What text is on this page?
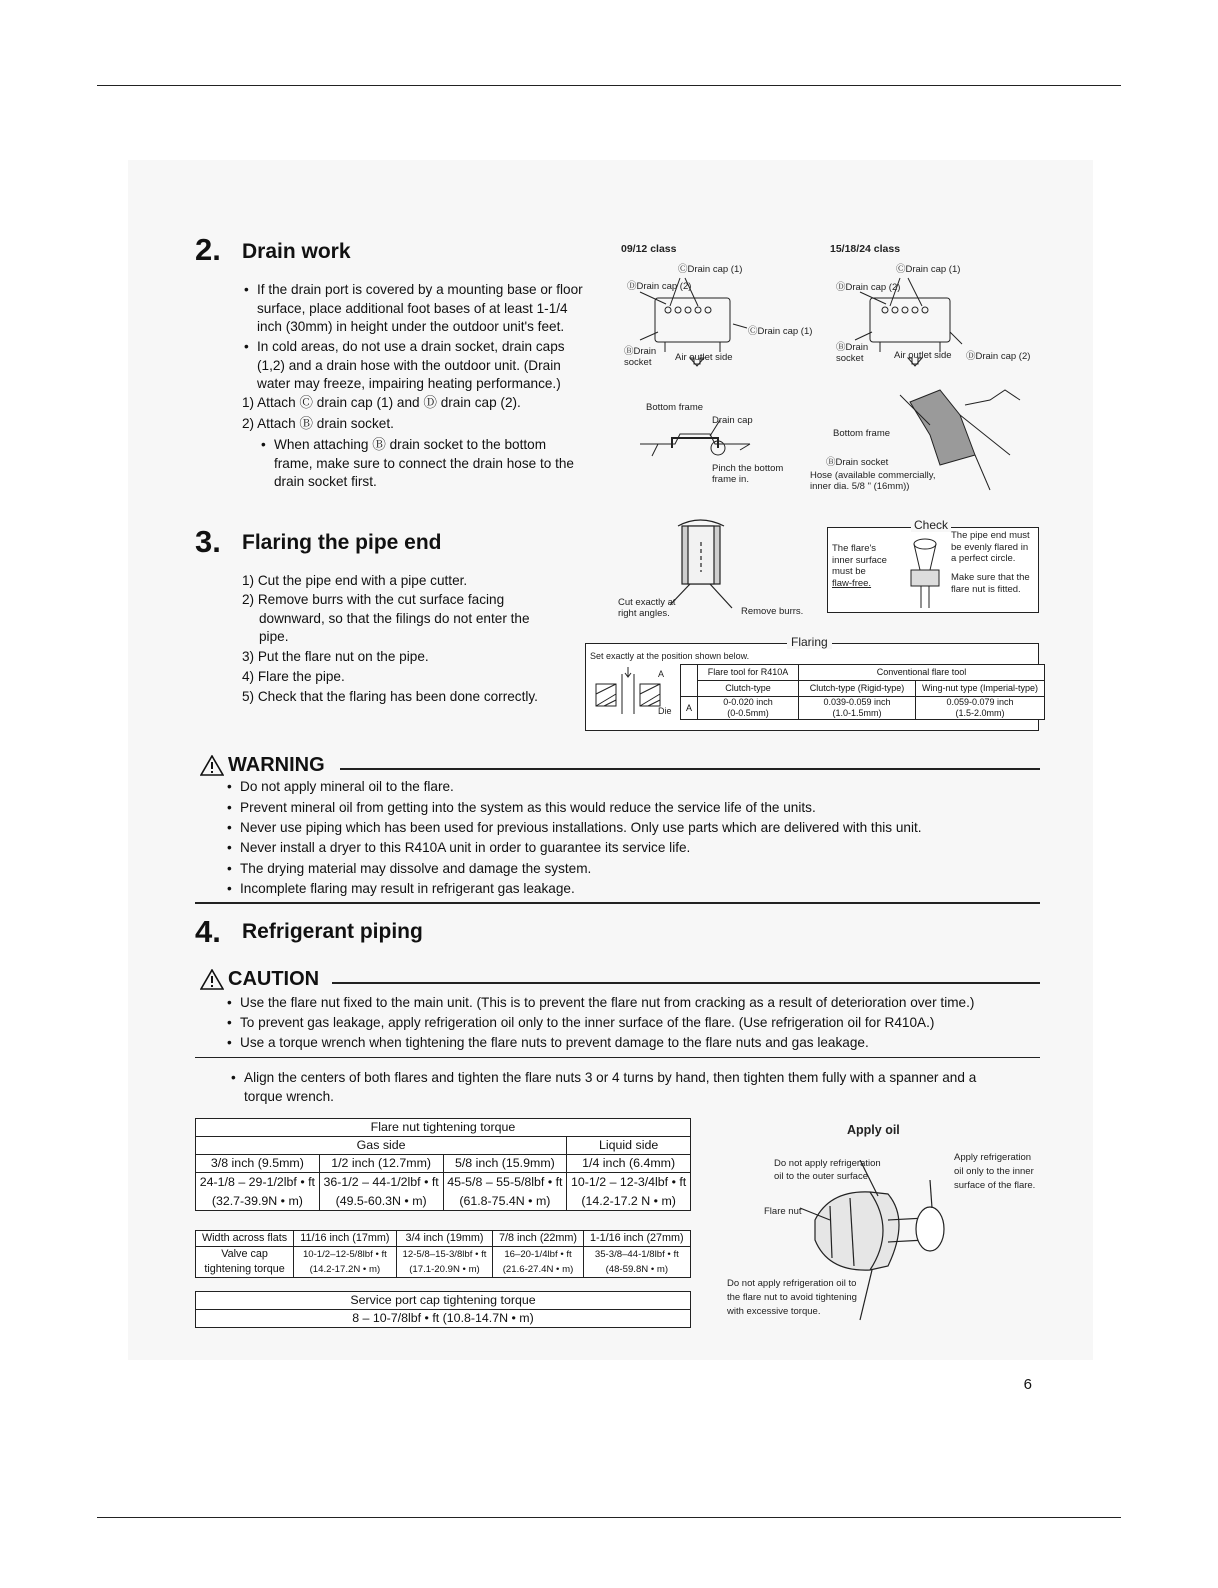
2. Drain work
• If the drain port is covered by a mounting base or floor
surface, place additional foot bases of at least 1-1/4
inch (30mm) in height under the outdoor unit's feet.
• In cold areas, do not use a drain socket, drain caps
(1,2) and a drain hose with the outdoor unit. (Drain
water may freeze, impairing heating performance.)
1) Attach Ⓒ drain cap (1) and Ⓓ drain cap (2).
2) Attach Ⓑ drain socket.
• When attaching Ⓑ drain socket to the bottom
frame, make sure to connect the drain hose to the
drain socket first.
09/12 class	15/18/24 class
ⒸDrain cap (1)
ⒹDrain cap (2)
ⒸDrain cap (1)
ⒷDrain
socket	Air outlet side
ⒸDrain cap (1)
ⒹDrain cap (2)
ⒷDrain
socket	Air outlet side ⒹDrain cap (2)
Bottom frame
Drain cap
Pinch the bottom
frame in.
Bottom frame
ⒷDrain socket
Hose (available commercially,
inner dia. 5/8 " (16mm))
3. Flaring the pipe end
1) Cut the pipe end with a pipe cutter.
2) Remove burrs with the cut surface facing
downward, so that the filings do not enter the
pipe.
3) Put the flare nut on the pipe.
4) Flare the pipe.
5) Check that the flaring has been done correctly.
Cut exactly at
right angles.	Remove burrs.
Check
The flare's
inner surface
must be
flaw-free.
The pipe end must
be evenly flared in
a perfect circle.
Make sure that the
flare nut is fitted.
Flaring
Set exactly at the position shown below.
A
Die
	Flare tool for R410A	Conventional flare tool	
	Clutch-type	Clutch-type (Rigid-type)	Wing-nut type (Imperial-type)
A	0-0.020 inch
(0-0.5mm)	0.039-0.059 inch
(1.0-1.5mm)	0.059-0.079 inch
(1.5-2.0mm)
WARNING
• Do not apply mineral oil to the flare.
• Prevent mineral oil from getting into the system as this would reduce the service life of the units.
• Never use piping which has been used for previous installations. Only use parts which are delivered with this unit.
• Never install a dryer to this R410A unit in order to guarantee its service life.
• The drying material may dissolve and damage the system.
• Incomplete flaring may result in refrigerant gas leakage.
4. Refrigerant piping
CAUTION
• Use the flare nut fixed to the main unit. (This is to prevent the flare nut from cracking as a result of deterioration over time.)
• To prevent gas leakage, apply refrigeration oil only to the inner surface of the flare. (Use refrigeration oil for R410A.)
• Use a torque wrench when tightening the flare nuts to prevent damage to the flare nuts and gas leakage.
• Align the centers of both flares and tighten the flare nuts 3 or 4 turns by hand, then tighten them fully with a spanner and a
torque wrench.
Flare nut tightening torque			
Gas side			Liquid side
3/8 inch (9.5mm)	1/2 inch (12.7mm)	5/8 inch (15.9mm)	1/4 inch (6.4mm)
24-1/8 – 29-1/2lbf • ft
(32.7-39.9N • m)	36-1/2 – 44-1/2lbf • ft
(49.5-60.3N • m)	45-5/8 – 55-5/8lbf • ft
(61.8-75.4N • m)	10-1/2 – 12-3/4lbf • ft
(14.2-17.2 N • m)
Width across flats	11/16 inch (17mm)	3/4 inch (19mm)	7/8 inch (22mm)	1-1/16 inch (27mm)
Valve cap
tightening torque	10-1/2–12-5/8lbf • ft
(14.2-17.2N • m)	12-5/8–15-3/8lbf • ft
(17.1-20.9N • m)	16–20-1/4lbf • ft
(21.6-27.4N • m)	35-3/8–44-1/8lbf • ft
(48-59.8N • m)
Service port cap tightening torque
8 – 10-7/8lbf • ft (10.8-14.7N • m)
Apply oil
Do not apply refrigeration
oil to the outer surface.
Apply refrigeration
oil only to the inner
surface of the flare.
Flare nut
Do not apply refrigeration oil to
the flare nut to avoid tightening
with excessive torque.
6
